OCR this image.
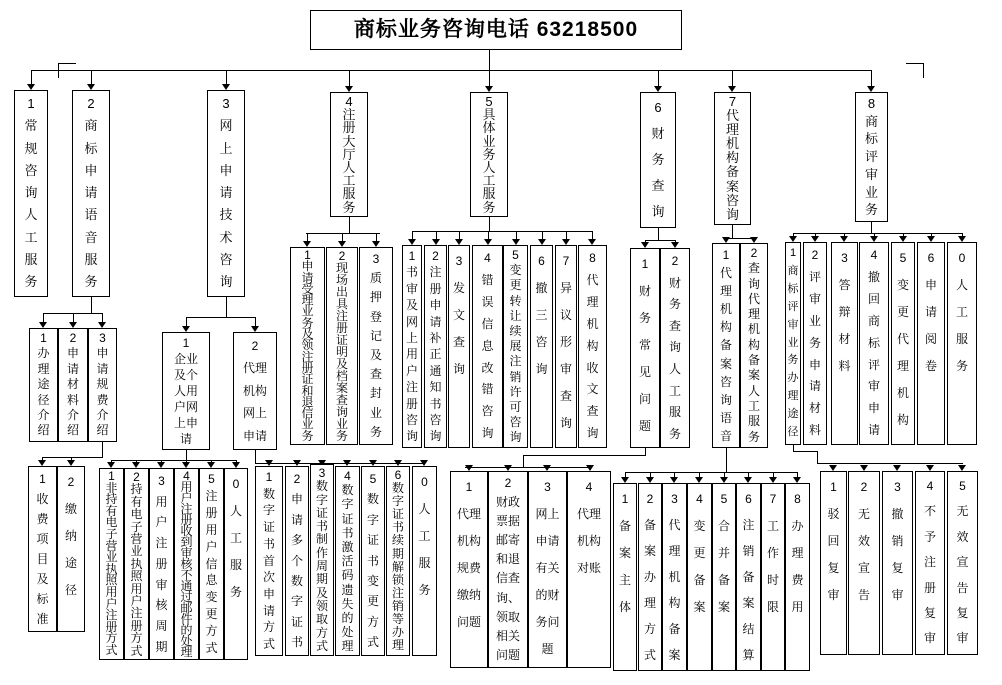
商标业务咨询电话 63218500
1
常规咨询人工服务
2
商标申请语音服务
3
网上申请技术咨询
4
注册大厅人工服务
5
具体业务人工服务
6
财务查询
7
代理机构备案咨询
8
商标评审业务
1
办理途径介绍
2
申请材料介绍
3
申请规费介绍
1
企业及个人用户网上申请
2
代理机构网上申请
1
申请受理业务及领注册证和退信业务
2
现场出具注册证明及档案查询业务
3
质押登记及查封业务
1
书审及网上用户注册咨询
2
注册申请补正通知书咨询
3
发文查询
4
错误信息改错咨询
5
变更转让续展注销许可咨询
6
撤三咨询
7
异议形审查询
8
代理机构收文查询
1
财务常见问题
2
财务查询人工服务
1
代理机构备案咨询语音
2
查询代理机构备案人工服务
1
商标评审业务办理途径
2
评审业务申请材料
3
答辩材料
4
撤回商标评审申请
5
变更代理机构
6
申请阅卷
0
人工服务
1
收费项目及标准
2
缴纳途径
1
非持有电子营业执照用户注册方式
2
持有电子营业执照用户注册方式
3
用户注册审核周期
4
用户注册收到审核不通过邮件的处理
5
注册用户信息变更方式
0
人工服务
1
数字证书首次申请方式
2
申请多个数字证书
3
数字证书制作周期及领取方式
4
数字证书激活码遗失的处理
5
数字证书变更方式
6
数字证书续期解锁注销等办理
0
人工服务
1
代理机构规费缴纳问题
2
财政票据邮寄和退信查询、领取相关问题
3
网上申请有关的财务问题
4
代理机构对账
1
备案主体
2
备案办理方式
3
代理机构备案
4
变更备案
5
合并备案
6
注销备案结算
7
工作时限
8
办理费用
1
驳回复审
2
无效宣告
3
撤销复审
4
不予注册复审
5
无效宣告复审
